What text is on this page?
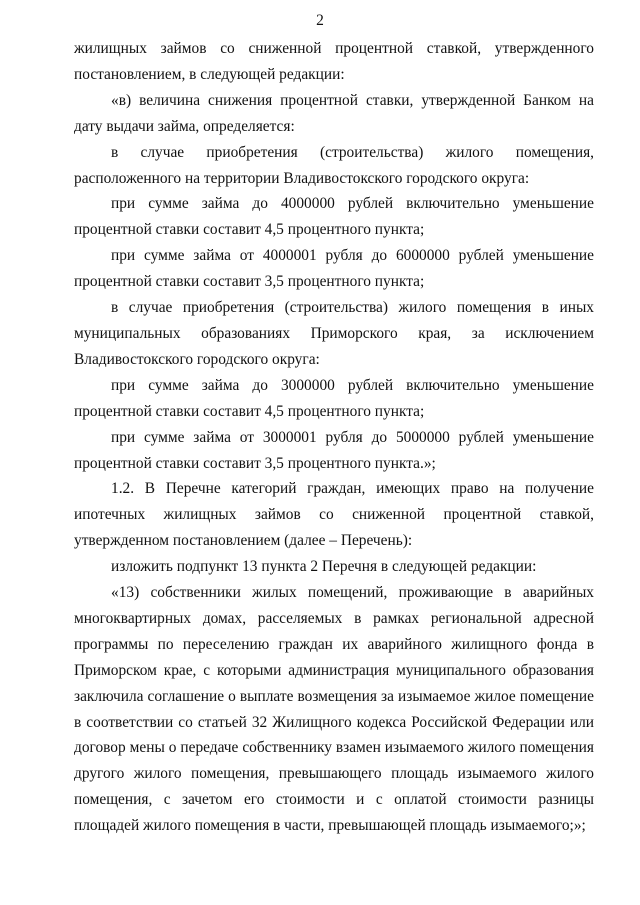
2

жилищных займов со сниженной процентной ставкой, утвержденного постановлением, в следующей редакции:

«в) величина снижения процентной ставки, утвержденной Банком на дату выдачи займа, определяется:

в случае приобретения (строительства) жилого помещения, расположенного на территории Владивостокского городского округа:

при сумме займа до 4000000 рублей включительно уменьшение процентной ставки составит 4,5 процентного пункта;

при сумме займа от 4000001 рубля до 6000000 рублей уменьшение процентной ставки составит 3,5 процентного пункта;

в случае приобретения (строительства) жилого помещения в иных муниципальных образованиях Приморского края, за исключением Владивостокского городского округа:

при сумме займа до 3000000 рублей включительно уменьшение процентной ставки составит 4,5 процентного пункта;

при сумме займа от 3000001 рубля до 5000000 рублей уменьшение процентной ставки составит 3,5 процентного пункта.»;

1.2. В Перечне категорий граждан, имеющих право на получение ипотечных жилищных займов со сниженной процентной ставкой, утвержденном постановлением (далее – Перечень):

изложить подпункт 13 пункта 2 Перечня в следующей редакции:

«13) собственники жилых помещений, проживающие в аварийных многоквартирных домах, расселяемых в рамках региональной адресной программы по переселению граждан их аварийного жилищного фонда в Приморском крае, с которыми администрация муниципального образования заключила соглашение о выплате возмещения за изымаемое жилое помещение в соответствии со статьей 32 Жилищного кодекса Российской Федерации или договор мены о передаче собственнику взамен изымаемого жилого помещения другого жилого помещения, превышающего площадь изымаемого жилого помещения, с зачетом его стоимости и с оплатой стоимости разницы площадей жилого помещения в части, превышающей площадь изымаемого;»;
